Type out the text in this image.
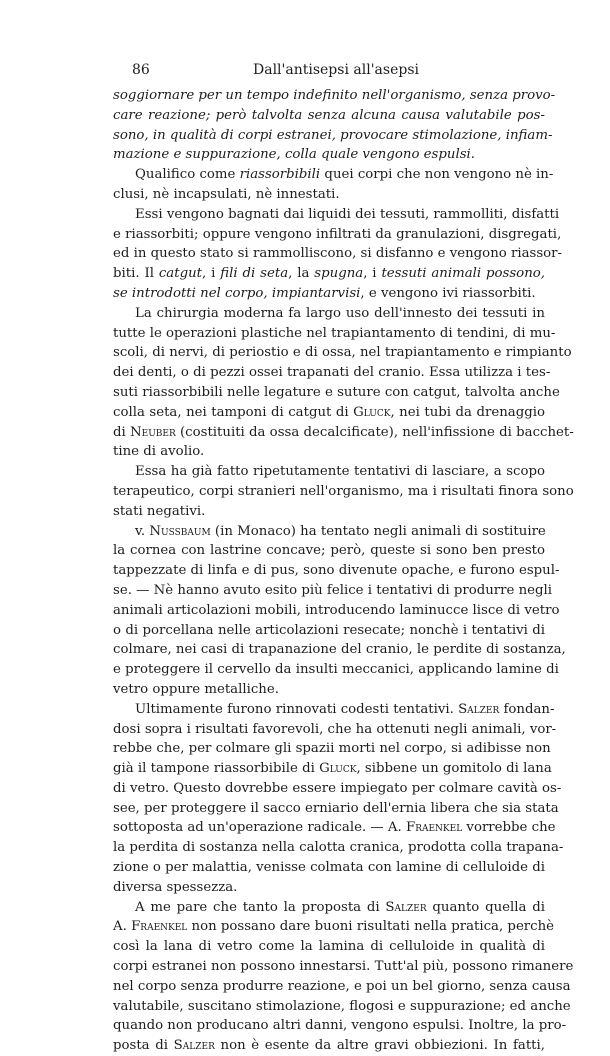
86	Dall'antisepsi all'asepsi
soggiornare per un tempo indefinito nell'organismo, senza provo-
care reazione; però talvolta senza alcuna causa valutabile pos-
sono, in qualità di corpi estranei, provocare stimolazione, infiam-
mazione e suppurazione, colla quale vengono espulsi.
Qualifico come riassorbibili quei corpi che non vengono nè in-
clusi, nè incapsulati, nè innestati.
Essi vengono bagnati dai liquidi dei tessuti, rammolliti, disfatti
e riassorbiti; oppure vengono infiltrati da granulazioni, disgregati,
ed in questo stato si rammolliscono, si disfanno e vengono riassor-
biti. Il catgut, i fili di seta, la spugna, i tessuti animali possono,
se introdotti nel corpo, impiantarvisi, e vengono ivi riassorbiti.
La chirurgia moderna fa largo uso dell'innesto dei tessuti in
tutte le operazioni plastiche nel trapiantamento di tendini, di mu-
scoli, di nervi, di periostio e di ossa, nel trapiantamento e rimpianto
dei denti, o di pezzi ossei trapanati del cranio. Essa utilizza i tes-
suti riassorbibili nelle legature e suture con catgut, talvolta anche
colla seta, nei tamponi di catgut di Gluck, nei tubi da drenaggio
di Neuber (costituiti da ossa decalcificate), nell'infissione di bacchet-
tine di avolio.
Essa ha già fatto ripetutamente tentativi di lasciare, a scopo
terapeutico, corpi stranieri nell'organismo, ma i risultati finora sono
stati negativi.
v. Nussbaum (in Monaco) ha tentato negli animali di sostituire
la cornea con lastrine concave; però, queste si sono ben presto
tappezzate di linfa e di pus, sono divenute opache, e furono espul-
se. — Nè hanno avuto esito più felice i tentativi di produrre negli
animali articolazioni mobili, introducendo laminucce lisce di vetro
o di porcellana nelle articolazioni resecate; nonchè i tentativi di
colmare, nei casi di trapanazione del cranio, le perdite di sostanza,
e proteggere il cervello da insulti meccanici, applicando lamine di
vetro oppure metalliche.
Ultimamente furono rinnovati codesti tentativi. Salzer fondan-
dosi sopra i risultati favorevoli, che ha ottenuti negli animali, vor-
rebbe che, per colmare gli spazii morti nel corpo, si adibisse non
già il tampone riassorbibile di Gluck, sibbene un gomitolo di lana
di vetro. Questo dovrebbe essere impiegato per colmare cavità os-
see, per proteggere il sacco erniario dell'ernia libera che sia stata
sottoposta ad un'operazione radicale. — A. Fraenkel vorrebbe che
la perdita di sostanza nella calotta cranica, prodotta colla trapana-
zione o per malattia, venisse colmata con lamine di celluloide di
diversa spessezza.
A me pare che tanto la proposta di Salzer quanto quella di
A. Fraenkel non possano dare buoni risultati nella pratica, perchè
così la lana di vetro come la lamina di celluloide in qualità di
corpi estranei non possono innestarsi. Tutt'al più, possono rimanere
nel corpo senza produrre reazione, e poi un bel giorno, senza causa
valutabile, suscitano stimolazione, flogosi e suppurazione; ed anche
quando non producano altri danni, vengono espulsi. Inoltre, la pro-
posta di Salzer non è esente da altre gravi obbiezioni. In fatti,
